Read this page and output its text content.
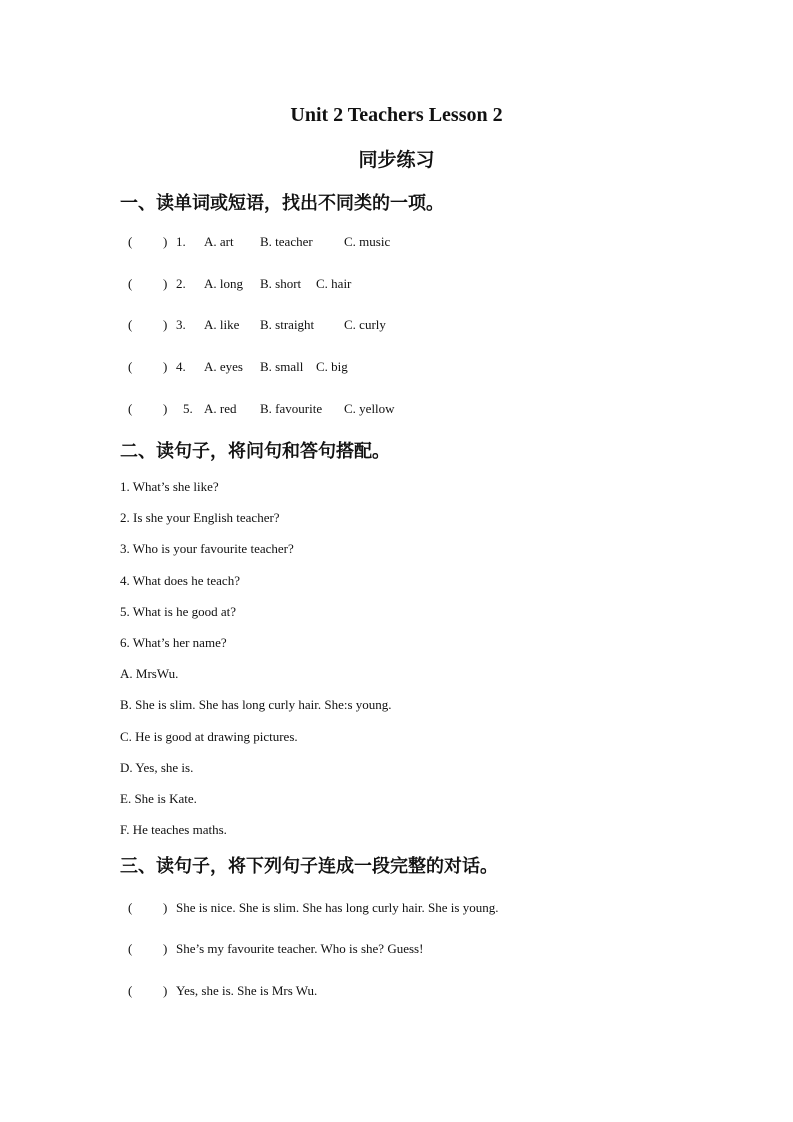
Unit 2 Teachers Lesson 2
同步练习
一、读单词或短语，找出不同类的一项。
( ) 1. A. art B. teacher C. music
( ) 2. A. long B. short C. hair
( ) 3. A. like B. straight C. curly
( ) 4. A. eyes B. small C. big
( ) 5. A. red B. favourite C. yellow
二、读句子，将问句和答句搭配。
1. What’s she like?
2. Is she your English teacher?
3. Who is your favourite teacher?
4. What does he teach?
5. What is he good at?
6. What’s her name?
A. MrsWu.
B. She is slim. She has long curly hair. She:s young.
C. He is good at drawing pictures.
D. Yes, she is.
E. She is Kate.
F. He teaches maths.
三、读句子，将下列句子连成一段完整的对话。
( ) She is nice. She is slim. She has long curly hair. She is young.
( ) She’s my favourite teacher. Who is she? Guess!
( ) Yes, she is. She is Mrs Wu.
